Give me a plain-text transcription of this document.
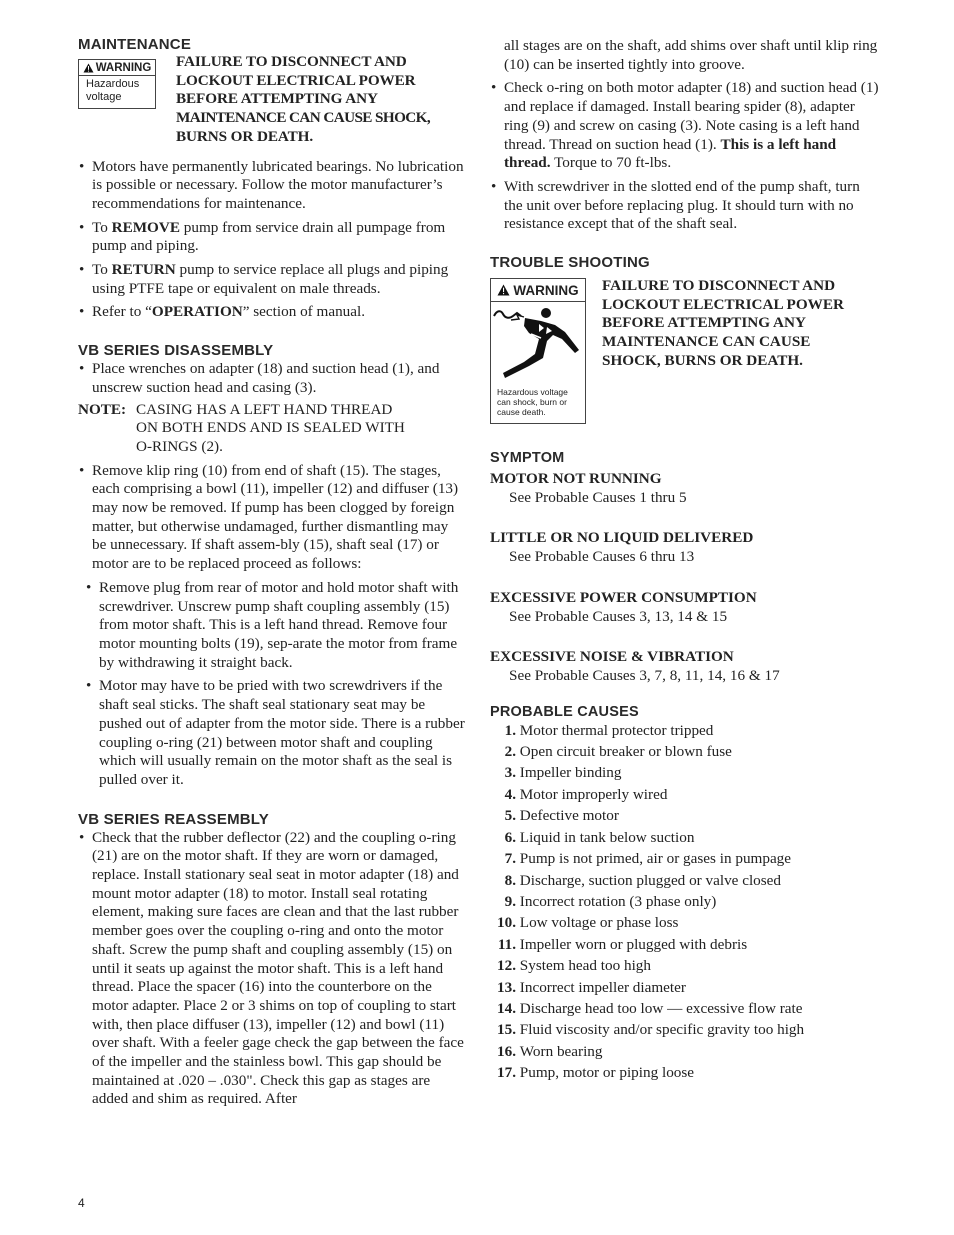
MAINTENANCE
WARNING
Hazardous
voltage
FAILURE TO DISCONNECT AND
LOCKOUT ELECTRICAL POWER
BEFORE ATTEMPTING ANY
MAINTENANCE CAN CAUSE SHOCK,
BURNS OR DEATH.

• Motors have permanently lubricated bearings. No lubrication is possible or necessary. Follow the motor manufacturer’s recommendations for maintenance.

• To REMOVE pump from service drain all pumpage from pump and piping.

• To RETURN pump to service replace all plugs and piping using PTFE tape or equivalent on male threads.

• Refer to “OPERATION” section of manual.

VB SERIES DISASSEMBLY

• Place wrenches on adapter (18) and suction head (1), and unscrew suction head and casing (3).

NOTE: CASING HAS A LEFT HAND THREAD

ON BOTH ENDS AND IS SEALED WITH

O-RINGS (2).

• Remove klip ring (10) from end of shaft (15). The stages, each comprising a bowl (11), impeller (12) and diffuser (13) may now be removed. If pump has been clogged by foreign matter, but otherwise undamaged, further dismantling may be unnecessary. If shaft assem-bly (15), shaft seal (17) or motor are to be replaced proceed as follows:

• Remove plug from rear of motor and hold motor shaft with screwdriver. Unscrew pump shaft coupling assembly (15) from motor shaft. This is a left hand thread. Remove four motor mounting bolts (19), sep-arate the motor from frame by withdrawing it straight back.

• Motor may have to be pried with two screwdrivers if the shaft seal sticks. The shaft seal stationary seat may be pushed out of adapter from the motor side. There is a rubber coupling o-ring (21) between motor shaft and coupling which will usually remain on the motor shaft as the seal is pulled over it.

VB SERIES REASSEMBLY

• Check that the rubber deflector (22) and the coupling o-ring (21) are on the motor shaft. If they are worn or damaged, replace. Install stationary seal seat in motor adapter (18) and mount motor adapter (18) to motor. Install seal rotating element, making sure faces are clean and that the last rubber member goes over the coupling o-ring and onto the motor shaft. Screw the pump shaft and coupling assembly (15) on until it seats up against the motor shaft. This is a left hand thread. Place the spacer (16) into the counterbore on the motor adapter. Place 2 or 3 shims on top of coupling to start with, then place diffuser (13), impeller (12) and bowl (11) over shaft. With a feeler gage check the gap between the face of the impeller and the stainless bowl. This gap should be maintained at .020 – .030". Check this gap as stages are added and shim as required. After

all stages are on the shaft, add shims over shaft until klip ring (10) can be inserted tightly into groove.

• Check o-ring on both motor adapter (18) and suction head (1) and replace if damaged. Install bearing spider (8), adapter ring (9) and screw on casing (3). Note casing is a left hand thread. Thread on suction head (1). This is a left hand thread. Torque to 70 ft-lbs.

• With screwdriver in the slotted end of the pump shaft, turn the unit over before replacing plug. It should turn with no resistance except that of the shaft seal.

TROUBLE SHOOTING
WARNING
Hazardous voltage
can shock, burn or
cause death.
FAILURE TO DISCONNECT AND
LOCKOUT ELECTRICAL POWER
BEFORE ATTEMPTING ANY
MAINTENANCE CAN CAUSE
SHOCK, BURNS OR DEATH.
SYMPTOM
MOTOR NOT RUNNING
See Probable Causes 1 thru 5
LITTLE OR NO LIQUID DELIVERED
See Probable Causes 6 thru 13
EXCESSIVE POWER CONSUMPTION
See Probable Causes 3, 13, 14 & 15
EXCESSIVE NOISE & VIBRATION
See Probable Causes 3, 7, 8, 11, 14, 16 & 17
PROBABLE CAUSES
1.
Motor thermal protector tripped
2.
Open circuit breaker or blown fuse
3.
Impeller binding
4.
Motor improperly wired
5.
Defective motor
6.
Liquid in tank below suction
7.
Pump is not primed, air or gases in pumpage
8.
Discharge, suction plugged or valve closed
9.
Incorrect rotation (3 phase only)
10.
Low voltage or phase loss
11.
Impeller worn or plugged with debris
12.
System head too high
13.
Incorrect impeller diameter
14.
Discharge head too low — excessive flow rate
15.
Fluid viscosity and/or specific gravity too high
16.
Worn bearing
17.
Pump, motor or piping loose
4
